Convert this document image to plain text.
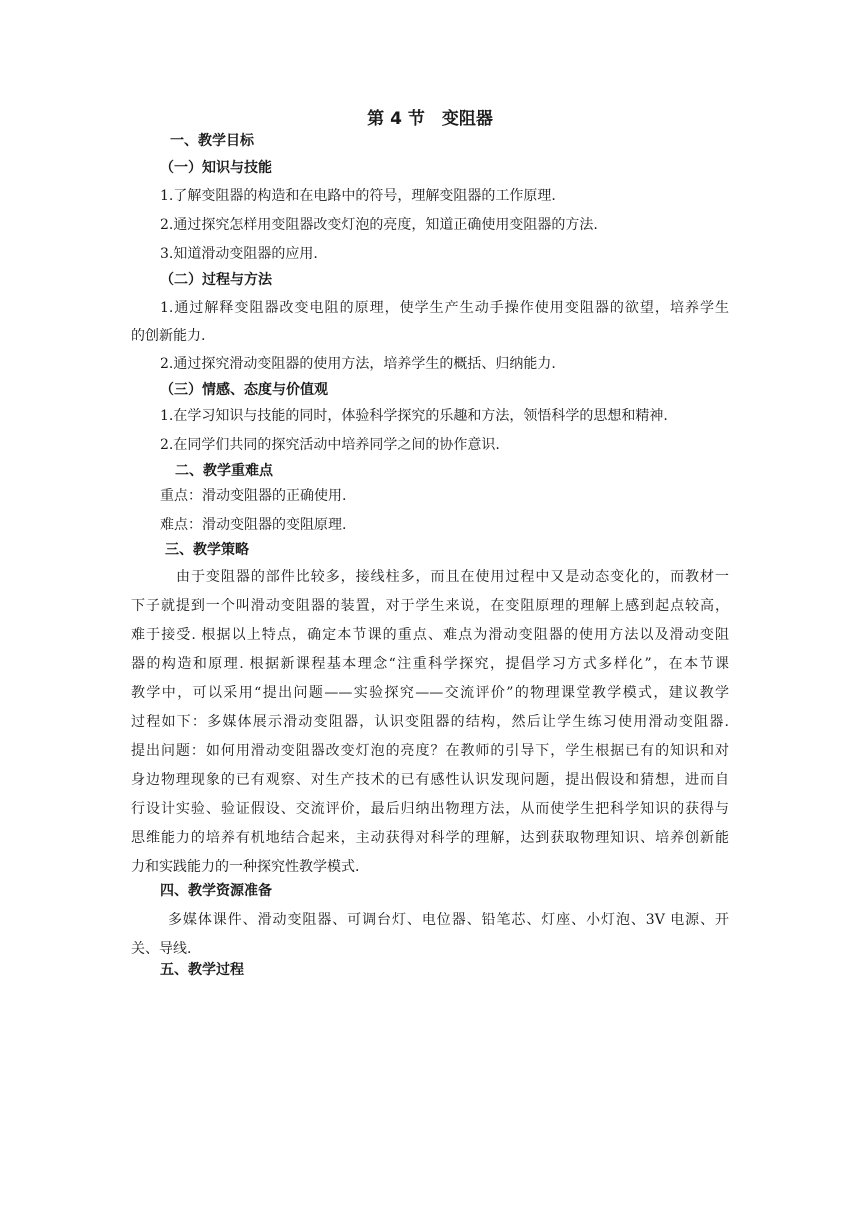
第 4 节　变阻器
一、教学目标
（一）知识与技能
1.了解变阻器的构造和在电路中的符号，理解变阻器的工作原理.
2.通过探究怎样用变阻器改变灯泡的亮度，知道正确使用变阻器的方法.
3.知道滑动变阻器的应用.
（二）过程与方法
1.通过解释变阻器改变电阻的原理，使学生产生动手操作使用变阻器的欲望，培养学生
的创新能力.
2.通过探究滑动变阻器的使用方法，培养学生的概括、归纳能力.
（三）情感、态度与价值观
1.在学习知识与技能的同时，体验科学探究的乐趣和方法，领悟科学的思想和精神.
2.在同学们共同的探究活动中培养同学之间的协作意识.
二、教学重难点
重点：滑动变阻器的正确使用.
难点：滑动变阻器的变阻原理.
三、教学策略
　由于变阻器的部件比较多，接线柱多，而且在使用过程中又是动态变化的，而教材一
下子就提到一个叫滑动变阻器的装置，对于学生来说，在变阻原理的理解上感到起点较高，
难于接受. 根据以上特点，确定本节课的重点、难点为滑动变阻器的使用方法以及滑动变阻
器的构造和原理. 根据新课程基本理念“注重科学探究，提倡学习方式多样化”，在本节课
教学中，可以采用“提出问题——实验探究——交流评价”的物理课堂教学模式，建议教学
过程如下：多媒体展示滑动变阻器，认识变阻器的结构，然后让学生练习使用滑动变阻器.
提出问题：如何用滑动变阻器改变灯泡的亮度？在教师的引导下，学生根据已有的知识和对
身边物理现象的已有观察、对生产技术的已有感性认识发现问题，提出假设和猜想，进而自
行设计实验、验证假设、交流评价，最后归纳出物理方法，从而使学生把科学知识的获得与
思维能力的培养有机地结合起来，主动获得对科学的理解，达到获取物理知识、培养创新能
力和实践能力的一种探究性教学模式.
四、教学资源准备
多媒体课件、滑动变阻器、可调台灯、电位器、铅笔芯、灯座、小灯泡、3V 电源、开
关、导线.
五、教学过程
